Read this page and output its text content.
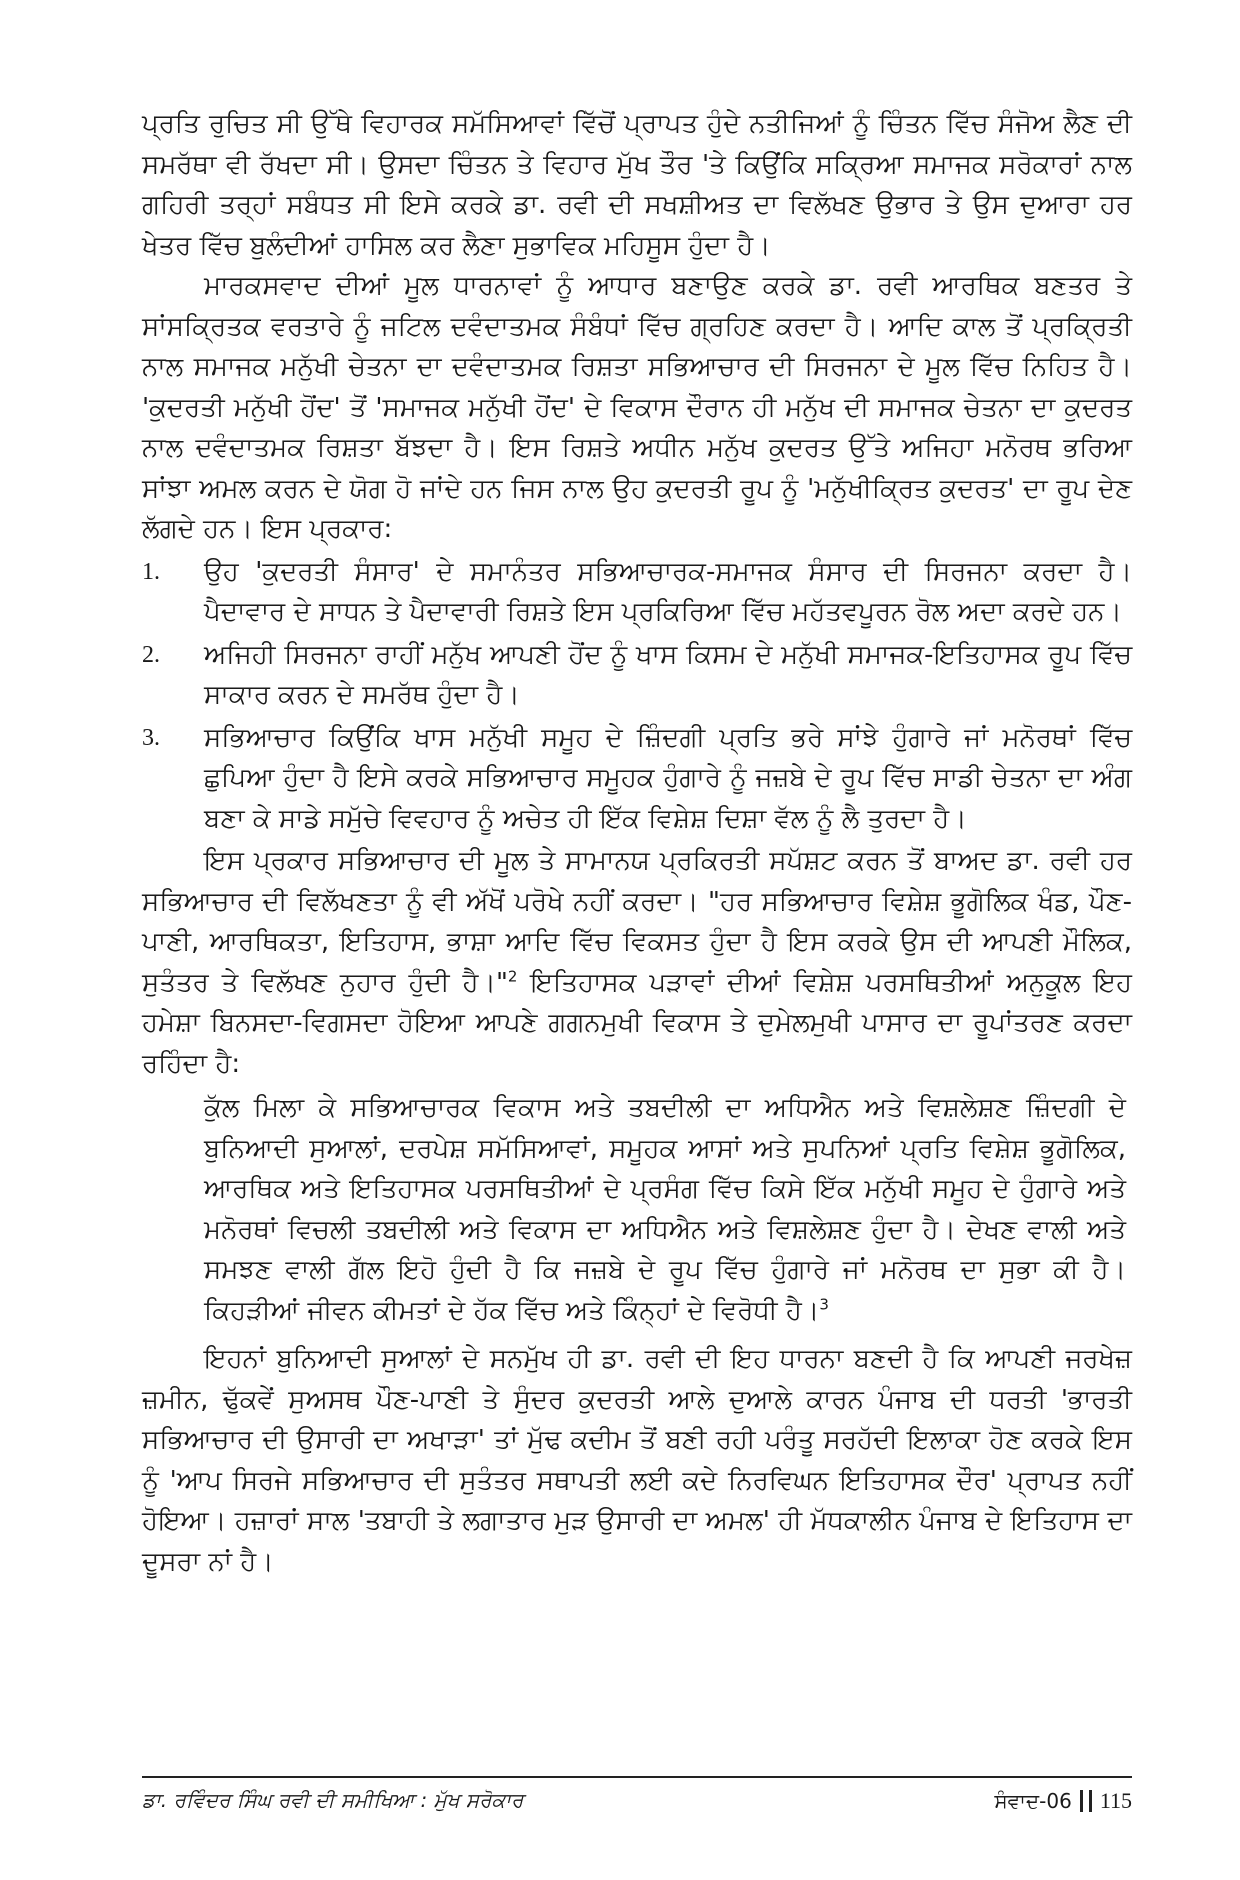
ਪ੍ਰਤਿ ਰੁਚਿਤ ਸੀ ਉੱਥੇ ਵਿਹਾਰਕ ਸਮੱਸਿਆਵਾਂ ਵਿੱਚੋਂ ਪ੍ਰਾਪਤ ਹੁੰਦੇ ਨਤੀਜਿਆਂ ਨੂੰ ਚਿੰਤਨ ਵਿੱਚ ਸੰਜੋਅ ਲੈਣ ਦੀ ਸਮਰੱਥਾ ਵੀ ਰੱਖਦਾ ਸੀ। ਉਸਦਾ ਚਿੰਤਨ ਤੇ ਵਿਹਾਰ ਮੁੱਖ ਤੌਰ 'ਤੇ ਕਿਉਂਕਿ ਸਕ੍ਰਿਆ ਸਮਾਜਕ ਸਰੋਕਾਰਾਂ ਨਾਲ ਗਹਿਰੀ ਤਰ੍ਹਾਂ ਸਬੰਧਤ ਸੀ ਇਸੇ ਕਰਕੇ ਡਾ. ਰਵੀ ਦੀ ਸਖਸ਼ੀਅਤ ਦਾ ਵਿਲੱਖਣ ਉਭਾਰ ਤੇ ਉਸ ਦੁਆਰਾ ਹਰ ਖੇਤਰ ਵਿੱਚ ਬੁਲੰਦੀਆਂ ਹਾਸਿਲ ਕਰ ਲੈਣਾ ਸੁਭਾਵਿਕ ਮਹਿਸੂਸ ਹੁੰਦਾ ਹੈ।

ਮਾਰਕਸਵਾਦ ਦੀਆਂ ਮੂਲ ਧਾਰਨਾਵਾਂ ਨੂੰ ਆਧਾਰ ਬਣਾਉਣ ਕਰਕੇ ਡਾ. ਰਵੀ ਆਰਥਿਕ ਬਣਤਰ ਤੇ ਸਾਂਸਕ੍ਰਿਤਕ ਵਰਤਾਰੇ ਨੂੰ ਜਟਿਲ ਦਵੰਦਾਤਮਕ ਸੰਬੰਧਾਂ ਵਿੱਚ ਗ੍ਰਹਿਣ ਕਰਦਾ ਹੈ। ਆਦਿ ਕਾਲ ਤੋਂ ਪ੍ਰਕ੍ਰਿਤੀ ਨਾਲ ਸਮਾਜਕ ਮਨੁੱਖੀ ਚੇਤਨਾ ਦਾ ਦਵੰਦਾਤਮਕ ਰਿਸ਼ਤਾ ਸਭਿਆਚਾਰ ਦੀ ਸਿਰਜਨਾ ਦੇ ਮੂਲ ਵਿੱਚ ਨਿਹਿਤ ਹੈ। 'ਕੁਦਰਤੀ ਮਨੁੱਖੀ ਹੋਂਦ' ਤੋਂ 'ਸਮਾਜਕ ਮਨੁੱਖੀ ਹੋਂਦ' ਦੇ ਵਿਕਾਸ ਦੌਰਾਨ ਹੀ ਮਨੁੱਖ ਦੀ ਸਮਾਜਕ ਚੇਤਨਾ ਦਾ ਕੁਦਰਤ ਨਾਲ ਦਵੰਦਾਤਮਕ ਰਿਸ਼ਤਾ ਬੱਝਦਾ ਹੈ। ਇਸ ਰਿਸ਼ਤੇ ਅਧੀਨ ਮਨੁੱਖ ਕੁਦਰਤ ਉੱਤੇ ਅਜਿਹਾ ਮਨੋਰਥ ਭਰਿਆ ਸਾਂਝਾ ਅਮਲ ਕਰਨ ਦੇ ਯੋਗ ਹੋ ਜਾਂਦੇ ਹਨ ਜਿਸ ਨਾਲ ਉਹ ਕੁਦਰਤੀ ਰੂਪ ਨੂੰ 'ਮਨੁੱਖੀਕ੍ਰਿਤ ਕੁਦਰਤ' ਦਾ ਰੂਪ ਦੇਣ ਲੱਗਦੇ ਹਨ। ਇਸ ਪ੍ਰਕਾਰ:

1. ਉਹ 'ਕੁਦਰਤੀ ਸੰਸਾਰ' ਦੇ ਸਮਾਨੰਤਰ ਸਭਿਆਚਾਰਕ-ਸਮਾਜਕ ਸੰਸਾਰ ਦੀ ਸਿਰਜਨਾ ਕਰਦਾ ਹੈ। ਪੈਦਾਵਾਰ ਦੇ ਸਾਧਨ ਤੇ ਪੈਦਾਵਾਰੀ ਰਿਸ਼ਤੇ ਇਸ ਪ੍ਰਕਿਰਿਆ ਵਿੱਚ ਮਹੱਤਵਪੂਰਨ ਰੋਲ ਅਦਾ ਕਰਦੇ ਹਨ।
2. ਅਜਿਹੀ ਸਿਰਜਨਾ ਰਾਹੀਂ ਮਨੁੱਖ ਆਪਣੀ ਹੋਂਦ ਨੂੰ ਖਾਸ ਕਿਸਮ ਦੇ ਮਨੁੱਖੀ ਸਮਾਜਕ-ਇਤਿਹਾਸਕ ਰੂਪ ਵਿੱਚ ਸਾਕਾਰ ਕਰਨ ਦੇ ਸਮਰੱਥ ਹੁੰਦਾ ਹੈ।
3. ਸਭਿਆਚਾਰ ਕਿਉਂਕਿ ਖਾਸ ਮਨੁੱਖੀ ਸਮੂਹ ਦੇ ਜ਼ਿੰਦਗੀ ਪ੍ਰਤਿ ਭਰੇ ਸਾਂਝੇ ਹੁੰਗਾਰੇ ਜਾਂ ਮਨੋਰਥਾਂ ਵਿੱਚ ਛੁਪਿਆ ਹੁੰਦਾ ਹੈ ਇਸੇ ਕਰਕੇ ਸਭਿਆਚਾਰ ਸਮੂਹਕ ਹੁੰਗਾਰੇ ਨੂੰ ਜਜ਼ਬੇ ਦੇ ਰੂਪ ਵਿੱਚ ਸਾਡੀ ਚੇਤਨਾ ਦਾ ਅੰਗ ਬਣਾ ਕੇ ਸਾਡੇ ਸਮੁੱਚੇ ਵਿਵਹਾਰ ਨੂੰ ਅਚੇਤ ਹੀ ਇੱਕ ਵਿਸ਼ੇਸ਼ ਦਿਸ਼ਾ ਵੱਲ ਨੂੰ ਲੈ ਤੁਰਦਾ ਹੈ।

ਇਸ ਪ੍ਰਕਾਰ ਸਭਿਆਚਾਰ ਦੀ ਮੂਲ ਤੇ ਸਾਮਾਨਯ ਪ੍ਰਕਿਰਤੀ ਸਪੱਸ਼ਟ ਕਰਨ ਤੋਂ ਬਾਅਦ ਡਾ. ਰਵੀ ਹਰ ਸਭਿਆਚਾਰ ਦੀ ਵਿਲੱਖਣਤਾ ਨੂੰ ਵੀ ਅੱਖੋਂ ਪਰੋਖੇ ਨਹੀਂ ਕਰਦਾ। "ਹਰ ਸਭਿਆਚਾਰ ਵਿਸ਼ੇਸ਼ ਭੂਗੋਲਿਕ ਖੰਡ, ਪੌਣ-ਪਾਣੀ, ਆਰਥਿਕਤਾ, ਇਤਿਹਾਸ, ਭਾਸ਼ਾ ਆਦਿ ਵਿੱਚ ਵਿਕਸਤ ਹੁੰਦਾ ਹੈ ਇਸ ਕਰਕੇ ਉਸ ਦੀ ਆਪਣੀ ਮੌਲਿਕ, ਸੁਤੰਤਰ ਤੇ ਵਿਲੱਖਣ ਨੁਹਾਰ ਹੁੰਦੀ ਹੈ।"$^2$ ਇਤਿਹਾਸਕ ਪੜਾਵਾਂ ਦੀਆਂ ਵਿਸ਼ੇਸ਼ ਪਰਸਥਿਤੀਆਂ ਅਨੁਕੂਲ ਇਹ ਹਮੇਸ਼ਾ ਬਿਨਸਦਾ-ਵਿਗਸਦਾ ਹੋਇਆ ਆਪਣੇ ਗਗਨਮੁਖੀ ਵਿਕਾਸ ਤੇ ਦੁਮੇਲਮੁਖੀ ਪਾਸਾਰ ਦਾ ਰੂਪਾਂਤਰਣ ਕਰਦਾ ਰਹਿੰਦਾ ਹੈ:

ਕੁੱਲ ਮਿਲਾ ਕੇ ਸਭਿਆਚਾਰਕ ਵਿਕਾਸ ਅਤੇ ਤਬਦੀਲੀ ਦਾ ਅਧਿਐਨ ਅਤੇ ਵਿਸ਼ਲੇਸ਼ਣ ਜ਼ਿੰਦਗੀ ਦੇ ਬੁਨਿਆਦੀ ਸੁਆਲਾਂ, ਦਰਪੇਸ਼ ਸਮੱਸਿਆਵਾਂ, ਸਮੂਹਕ ਆਸਾਂ ਅਤੇ ਸੁਪਨਿਆਂ ਪ੍ਰਤਿ ਵਿਸ਼ੇਸ਼ ਭੂਗੋਲਿਕ, ਆਰਥਿਕ ਅਤੇ ਇਤਿਹਾਸਕ ਪਰਸਥਿਤੀਆਂ ਦੇ ਪ੍ਰਸੰਗ ਵਿੱਚ ਕਿਸੇ ਇੱਕ ਮਨੁੱਖੀ ਸਮੂਹ ਦੇ ਹੁੰਗਾਰੇ ਅਤੇ ਮਨੋਰਥਾਂ ਵਿਚਲੀ ਤਬਦੀਲੀ ਅਤੇ ਵਿਕਾਸ ਦਾ ਅਧਿਐਨ ਅਤੇ ਵਿਸ਼ਲੇਸ਼ਣ ਹੁੰਦਾ ਹੈ। ਦੇਖਣ ਵਾਲੀ ਅਤੇ ਸਮਝਣ ਵਾਲੀ ਗੱਲ ਇਹੋ ਹੁੰਦੀ ਹੈ ਕਿ ਜਜ਼ਬੇ ਦੇ ਰੂਪ ਵਿੱਚ ਹੁੰਗਾਰੇ ਜਾਂ ਮਨੋਰਥ ਦਾ ਸੁਭਾ ਕੀ ਹੈ। ਕਿਹੜੀਆਂ ਜੀਵਨ ਕੀਮਤਾਂ ਦੇ ਹੱਕ ਵਿੱਚ ਅਤੇ ਕਿੰਨ੍ਹਾਂ ਦੇ ਵਿਰੋਧੀ ਹੈ।$^3$

ਇਹਨਾਂ ਬੁਨਿਆਦੀ ਸੁਆਲਾਂ ਦੇ ਸਨਮੁੱਖ ਹੀ ਡਾ. ਰਵੀ ਦੀ ਇਹ ਧਾਰਨਾ ਬਣਦੀ ਹੈ ਕਿ ਆਪਣੀ ਜਰਖੇਜ਼ ਜ਼ਮੀਨ, ਢੁੱਕਵੇਂ ਸੁਅਸਥ ਪੌਣ-ਪਾਣੀ ਤੇ ਸੁੰਦਰ ਕੁਦਰਤੀ ਆਲੇ ਦੁਆਲੇ ਕਾਰਨ ਪੰਜਾਬ ਦੀ ਧਰਤੀ 'ਭਾਰਤੀ ਸਭਿਆਚਾਰ ਦੀ ਉਸਾਰੀ ਦਾ ਅਖਾੜਾ' ਤਾਂ ਮੁੱਢ ਕਦੀਮ ਤੋਂ ਬਣੀ ਰਹੀ ਪਰੰਤੂ ਸਰਹੱਦੀ ਇਲਾਕਾ ਹੋਣ ਕਰਕੇ ਇਸ ਨੂੰ 'ਆਪ ਸਿਰਜੇ ਸਭਿਆਚਾਰ ਦੀ ਸੁਤੰਤਰ ਸਥਾਪਤੀ ਲਈ ਕਦੇ ਨਿਰਵਿਘਨ ਇਤਿਹਾਸਕ ਦੌਰ' ਪ੍ਰਾਪਤ ਨਹੀਂ ਹੋਇਆ। ਹਜ਼ਾਰਾਂ ਸਾਲ 'ਤਬਾਹੀ ਤੇ ਲਗਾਤਾਰ ਮੁੜ ਉਸਾਰੀ ਦਾ ਅਮਲ' ਹੀ ਮੱਧਕਾਲੀਨ ਪੰਜਾਬ ਦੇ ਇਤਿਹਾਸ ਦਾ ਦੂਸਰਾ ਨਾਂ ਹੈ।

ਡਾ. ਰਵਿੰਦਰ ਸਿੰਘ ਰਵੀ ਦੀ ਸਮੀਖਿਆ : ਮੁੱਖ ਸਰੋਕਾਰ	ਸੰਵਾਦ-06 115
